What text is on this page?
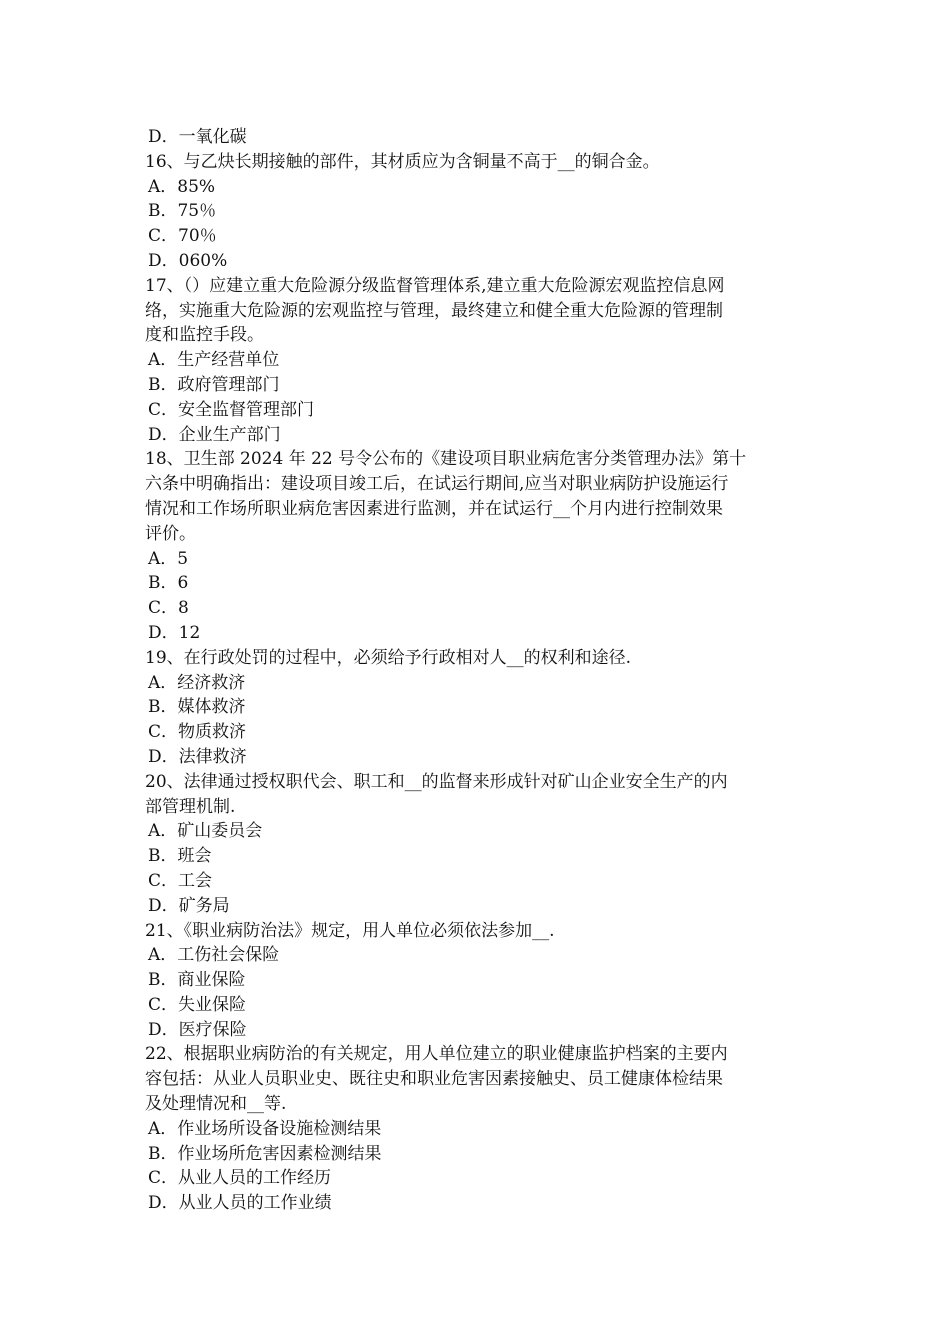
D．一氧化碳
16、与乙炔长期接触的部件，其材质应为含铜量不高于__的铜合金。
A．85%
B．75％
C．70％
D．060%
17、（）应建立重大危险源分级监督管理体系,建立重大危险源宏观监控信息网
络，实施重大危险源的宏观监控与管理，最终建立和健全重大危险源的管理制
度和监控手段。
A．生产经营单位
B．政府管理部门
C．安全监督管理部门
D．企业生产部门
18、卫生部 2024 年 22 号令公布的《建设项目职业病危害分类管理办法》第十
六条中明确指出：建设项目竣工后，在试运行期间,应当对职业病防护设施运行
情况和工作场所职业病危害因素进行监测，并在试运行__个月内进行控制效果
评价。
A．5
B．6
C．8
D．12
19、在行政处罚的过程中，必须给予行政相对人__的权利和途径.
A．经济救济
B．媒体救济
C．物质救济
D．法律救济
20、法律通过授权职代会、职工和__的监督来形成针对矿山企业安全生产的内
部管理机制.
A．矿山委员会
B．班会
C．工会
D．矿务局
21、《职业病防治法》规定，用人单位必须依法参加__.
A．工伤社会保险
B．商业保险
C．失业保险
D．医疗保险
22、根据职业病防治的有关规定，用人单位建立的职业健康监护档案的主要内
容包括：从业人员职业史、既往史和职业危害因素接触史、员工健康体检结果
及处理情况和__等.
A．作业场所设备设施检测结果
B．作业场所危害因素检测结果
C．从业人员的工作经历
D．从业人员的工作业绩
